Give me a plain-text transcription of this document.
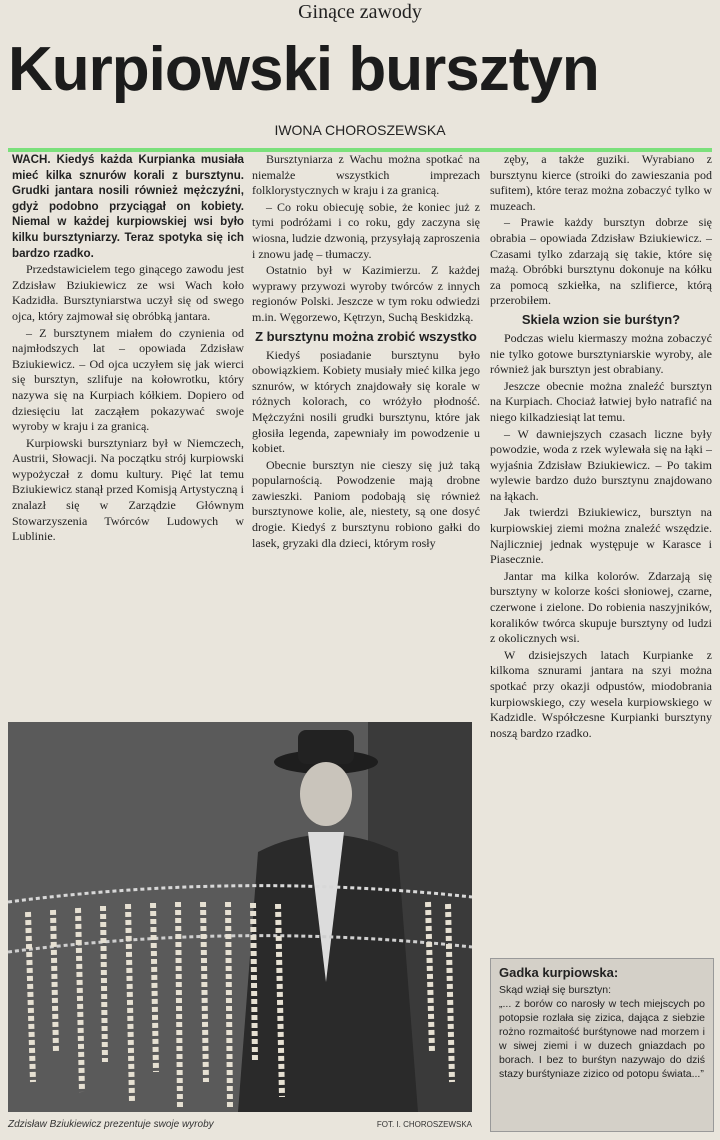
Ginące zawody
Kurpiowski bursztyn
IWONA CHOROSZEWSKA

WACH. Kiedyś każda Kurpianka musiała mieć kilka sznurów korali z bursztynu. Grudki jantara nosili również mężczyźni, gdyż podobno przyciągał on kobiety. Niemal w każdej kurpiowskiej wsi było kilku bursztyniarzy. Teraz spotyka się ich bardzo rzadko.

Przedstawicielem tego ginącego zawodu jest Zdzisław Bziukiewicz ze wsi Wach koło Kadzidła. Bursztyniarstwa uczył się od swego ojca, który zajmował się obróbką jantara.

– Z bursztynem miałem do czynienia od najmłodszych lat – opowiada Zdzisław Bziukiewicz. – Od ojca uczyłem się jak wierci się bursztyn, szlifuje na kołowrotku, który nazywa się na Kurpiach kółkiem. Dopiero od dziesięciu lat zacząłem pokazywać swoje wyroby w kraju i za granicą.

Kurpiowski bursztyniarz był w Niemczech, Austrii, Słowacji. Na początku strój kurpiowski wypożyczał z domu kultury. Pięć lat temu Bziukiewicz stanął przed Komisją Artystyczną i znalazł się w Zarządzie Głównym Stowarzyszenia Twórców Ludowych w Lublinie.

Bursztyniarza z Wachu można spotkać na niemalże wszystkich imprezach folklorystycznych w kraju i za granicą.

– Co roku obiecuję sobie, że koniec już z tymi podróżami i co roku, gdy zaczyna się wiosna, ludzie dzwonią, przysyłają zaproszenia i znowu jadę – tłumaczy.

Ostatnio był w Kazimierzu. Z każdej wyprawy przywozi wyroby twórców z innych regionów Polski. Jeszcze w tym roku odwiedzi m.in. Węgorzewo, Kętrzyn, Suchą Beskidzką.

Z bursztynu można zrobić wszystko

Kiedyś posiadanie bursztynu było obowiązkiem. Kobiety musiały mieć kilka jego sznurów, w których znajdowały się korale w różnych kolorach, co wróżyło płodność. Mężczyźni nosili grudki bursztynu, które jak głosiła legenda, zapewniały im powodzenie u kobiet.

Obecnie bursztyn nie cieszy się już taką popularnością. Powodzenie mają drobne zawieszki. Paniom podobają się również bursztynowe kolie, ale, niestety, są one dosyć drogie. Kiedyś z bursztynu robiono gałki do lasek, gryzaki dla dzieci, którym rosły

zęby, a także guziki. Wyrabiano z bursztynu kierce (stroiki do zawieszania pod sufitem), które teraz można zobaczyć tylko w muzeach.

– Prawie każdy bursztyn dobrze się obrabia – opowiada Zdzisław Bziukiewicz. – Czasami tylko zdarzają się takie, które się mażą. Obróbki bursztynu dokonuje na kółku za pomocą szkiełka, na szlifierce, którą przerobiłem.

Skiela wzion sie burśtyn?

Podczas wielu kiermaszy można zobaczyć nie tylko gotowe bursztyniarskie wyroby, ale również jak bursztyn jest obrabiany.

Jeszcze obecnie można znaleźć bursztyn na Kurpiach. Chociaż łatwiej było natrafić na niego kilkadziesiąt lat temu.

– W dawniejszych czasach liczne były powodzie, woda z rzek wylewała się na łąki – wyjaśnia Zdzisław Bziukiewicz. – Po takim wylewie bardzo dużo bursztynu znajdowano na łąkach.

Jak twierdzi Bziukiewicz, bursztyn na kurpiowskiej ziemi można znaleźć wszędzie. Najliczniej jednak występuje w Karasce i Piasecznie.

Jantar ma kilka kolorów. Zdarzają się bursztyny w kolorze kości słoniowej, czarne, czerwone i zielone. Do robienia naszyjników, koralików twórca skupuje bursztyny od ludzi z okolicznych wsi.

W dzisiejszych latach Kurpianke z kilkoma sznurami jantara na szyi można spotkać przy okazji odpustów, miodobrania kurpiowskiego, czy wesela kurpiowskiego w Kadzidle. Współczesne Kurpianki bursztyny noszą bardzo rzadko.

Zdzisław Bziukiewicz prezentuje swoje wyroby	FOT. I. CHOROSZEWSKA
Gadka kurpiowska:

Skąd wziął się bursztyn:

„... z borów co narosły w tech miejscych po potopsie rozlała się zizica, dająca z siebzie rożno rozmaitość burśtynowe nad morzem i w siwej ziemi i w duzech gniazdach po borach. I bez to burśtyn nazywajo do dziś stazy burśtyniaze zizico od potopu świata...”
